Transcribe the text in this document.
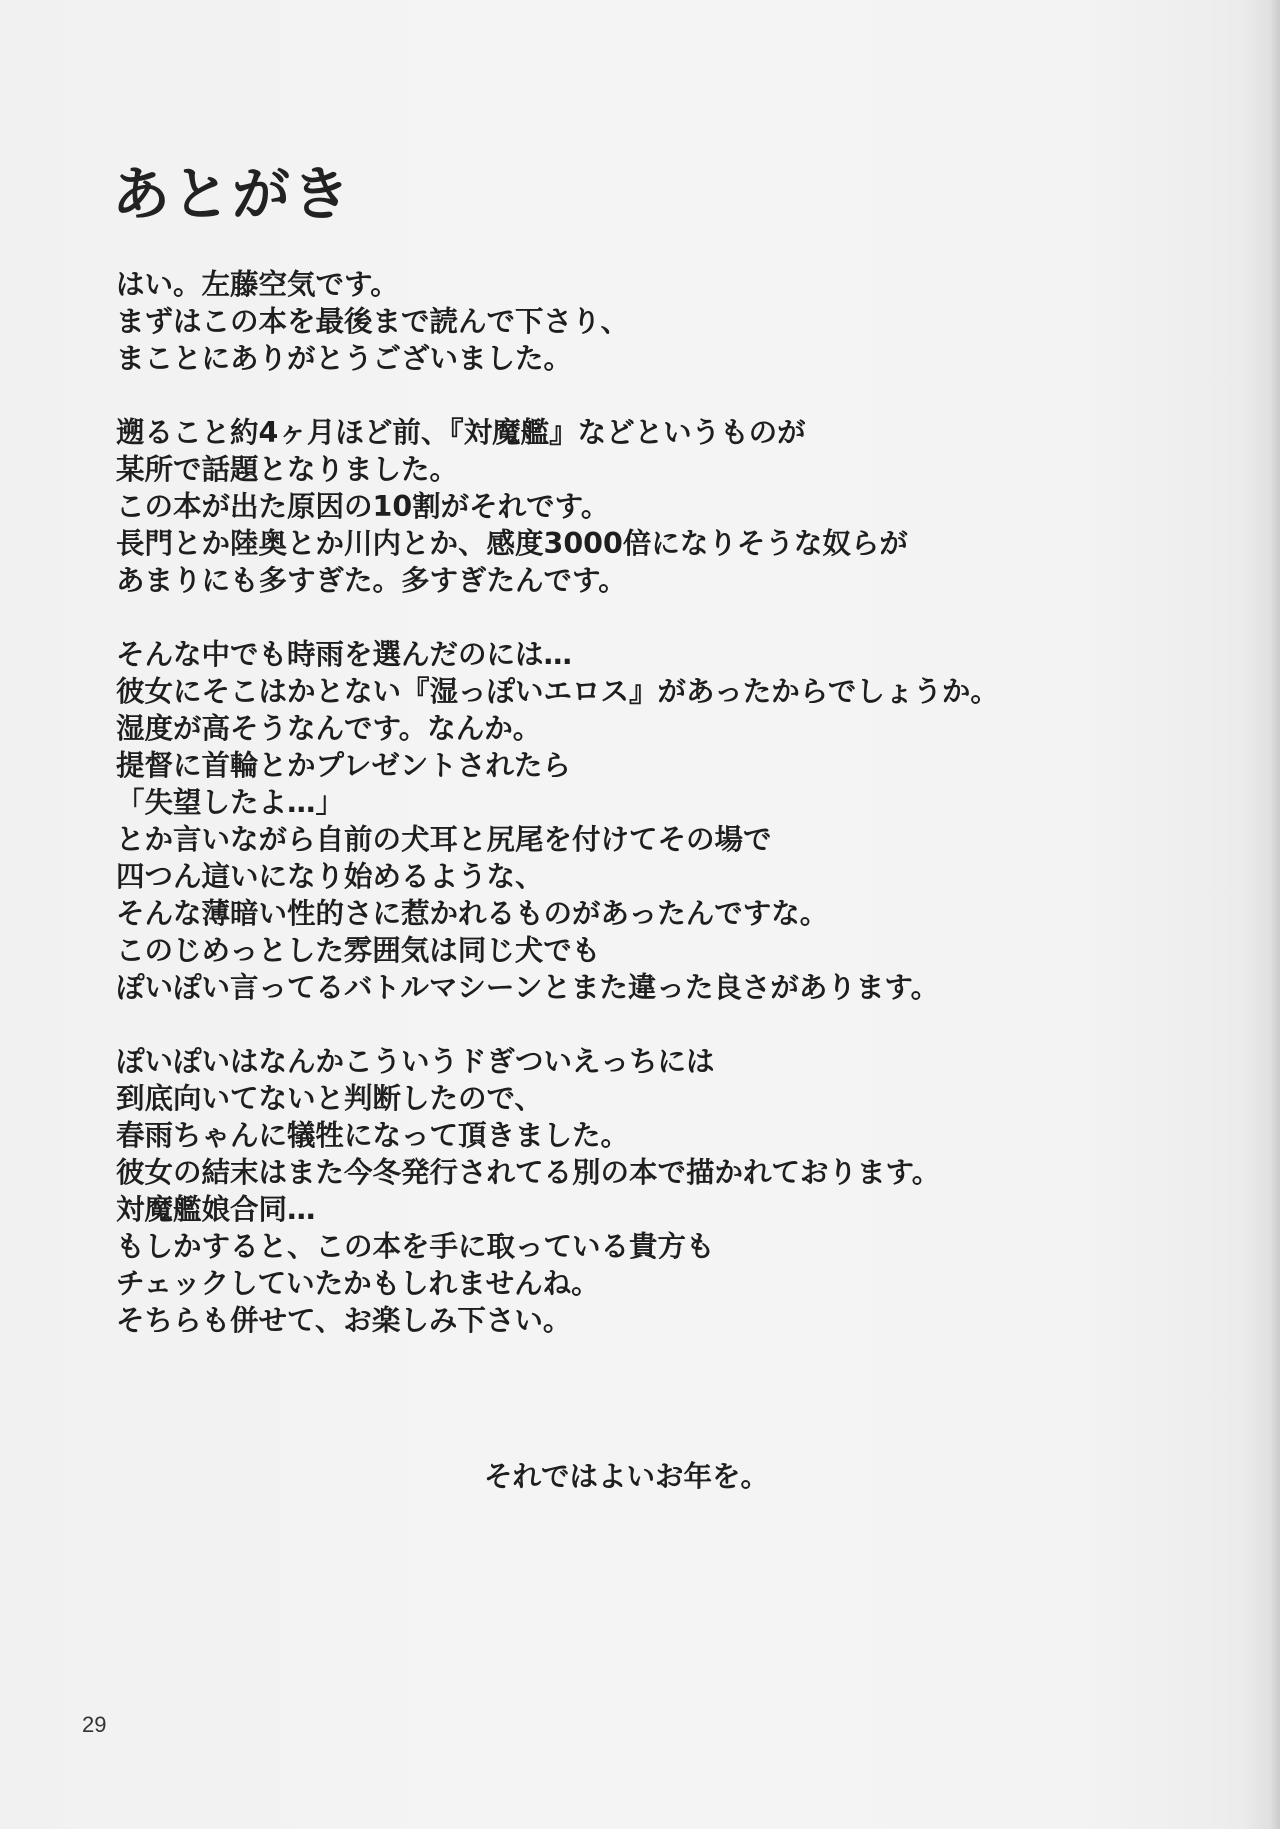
あとがき
はい。左藤空気です。
まずはこの本を最後まで読んで下さり、
まことにありがとうございました。
遡ること約4ヶ月ほど前、『対魔艦』などというものが
某所で話題となりました。
この本が出た原因の10割がそれです。
長門とか陸奥とか川内とか、感度3000倍になりそうな奴らが
あまりにも多すぎた。多すぎたんです。
そんな中でも時雨を選んだのには…
彼女にそこはかとない『湿っぽいエロス』があったからでしょうか。
湿度が高そうなんです。なんか。
提督に首輪とかプレゼントされたら
「失望したよ…」
とか言いながら自前の犬耳と尻尾を付けてその場で
四つん這いになり始めるような、
そんな薄暗い性的さに惹かれるものがあったんですな。
このじめっとした雰囲気は同じ犬でも
ぽいぽい言ってるバトルマシーンとまた違った良さがあります。
ぽいぽいはなんかこういうドぎついえっちには
到底向いてないと判断したので、
春雨ちゃんに犠牲になって頂きました。
彼女の結末はまた今冬発行されてる別の本で描かれております。
対魔艦娘合同…
もしかすると、この本を手に取っている貴方も
チェックしていたかもしれませんね。
そちらも併せて、お楽しみ下さい。
それではよいお年を。
29
